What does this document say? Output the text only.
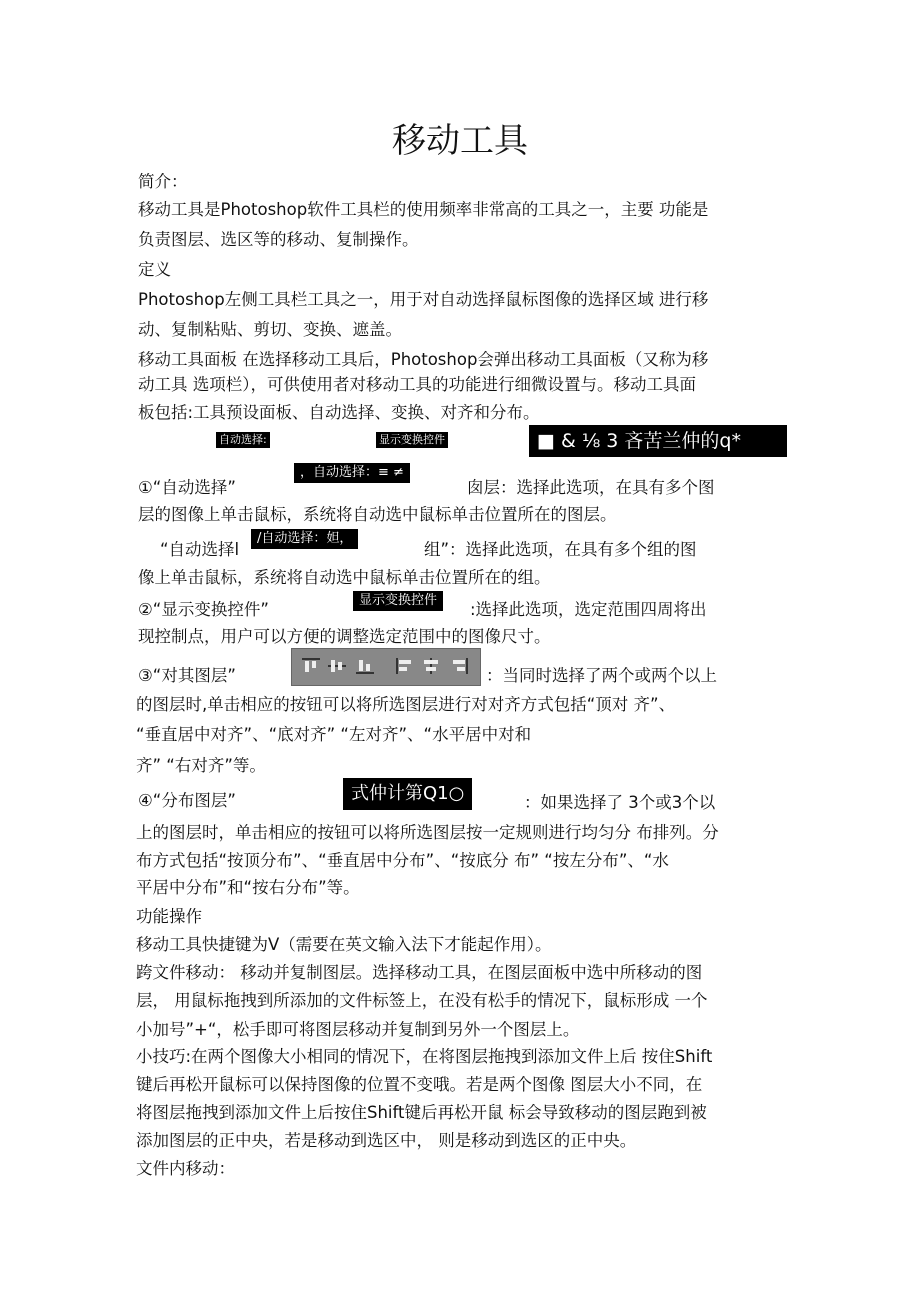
移动工具
简介：
移动工具是Photoshop软件工具栏的使用频率非常高的工具之一，主要 功能是
负责图层、选区等的移动、复制操作。
定义
Photoshop左侧工具栏工具之一，用于对自动选择鼠标图像的选择区域 进行移
动、复制粘贴、剪切、变换、遮盖。
移动工具面板 在选择移动工具后，Photoshop会弹出移动工具面板（又称为移
动工具 选项栏），可供使用者对移动工具的功能进行细微设置与。移动工具面
板包括:工具预设面板、自动选择、变换、对齐和分布。
自动选择:	显示变换控件	■ & ⅛ 3 吝苦兰仲的q*
①“自动选择”
，自动选择：≡ ≠
囱层：选择此选项，在具有多个图
层的图像上单击鼠标，系统将自动选中鼠标单击位置所在的图层。
“自动选择l
/自动选择：妲，
组”：选择此选项，在具有多个组的图
像上单击鼠标，系统将自动选中鼠标单击位置所在的组。
②“显示变换控件”	显示变换控件	:选择此选项，选定范围四周将出
现控制点，用户可以方便的调整选定范围中的图像尺寸。
③“对其图层”	：当同时选择了两个或两个以上
的图层时,单击相应的按钮可以将所选图层进行对对齐方式包括“顶对 齐”、
“垂直居中对齐”、“底对齐” “左对齐”、“水平居中对和
齐” “右对齐”等。
④“分布图层”	式仲计第Q1○	：如果选择了 3个或3个以
上的图层时，单击相应的按钮可以将所选图层按一定规则进行均匀分 布排列。分
布方式包括“按顶分布”、“垂直居中分布”、“按底分 布” “按左分布”、“水
平居中分布”和“按右分布”等。
功能操作
移动工具快捷键为V（需要在英文输入法下才能起作用）。
跨文件移动： 移动并复制图层。选择移动工具，在图层面板中选中所移动的图
层， 用鼠标拖拽到所添加的文件标签上，在没有松手的情况下，鼠标形成 一个
小加号”+“，松手即可将图层移动并复制到另外一个图层上。
小技巧:在两个图像大小相同的情况下，在将图层拖拽到添加文件上后 按住Shift
键后再松开鼠标可以保持图像的位置不变哦。若是两个图像 图层大小不同，在
将图层拖拽到添加文件上后按住Shift键后再松开鼠 标会导致移动的图层跑到被
添加图层的正中央，若是移动到选区中， 则是移动到选区的正中央。
文件内移动：
